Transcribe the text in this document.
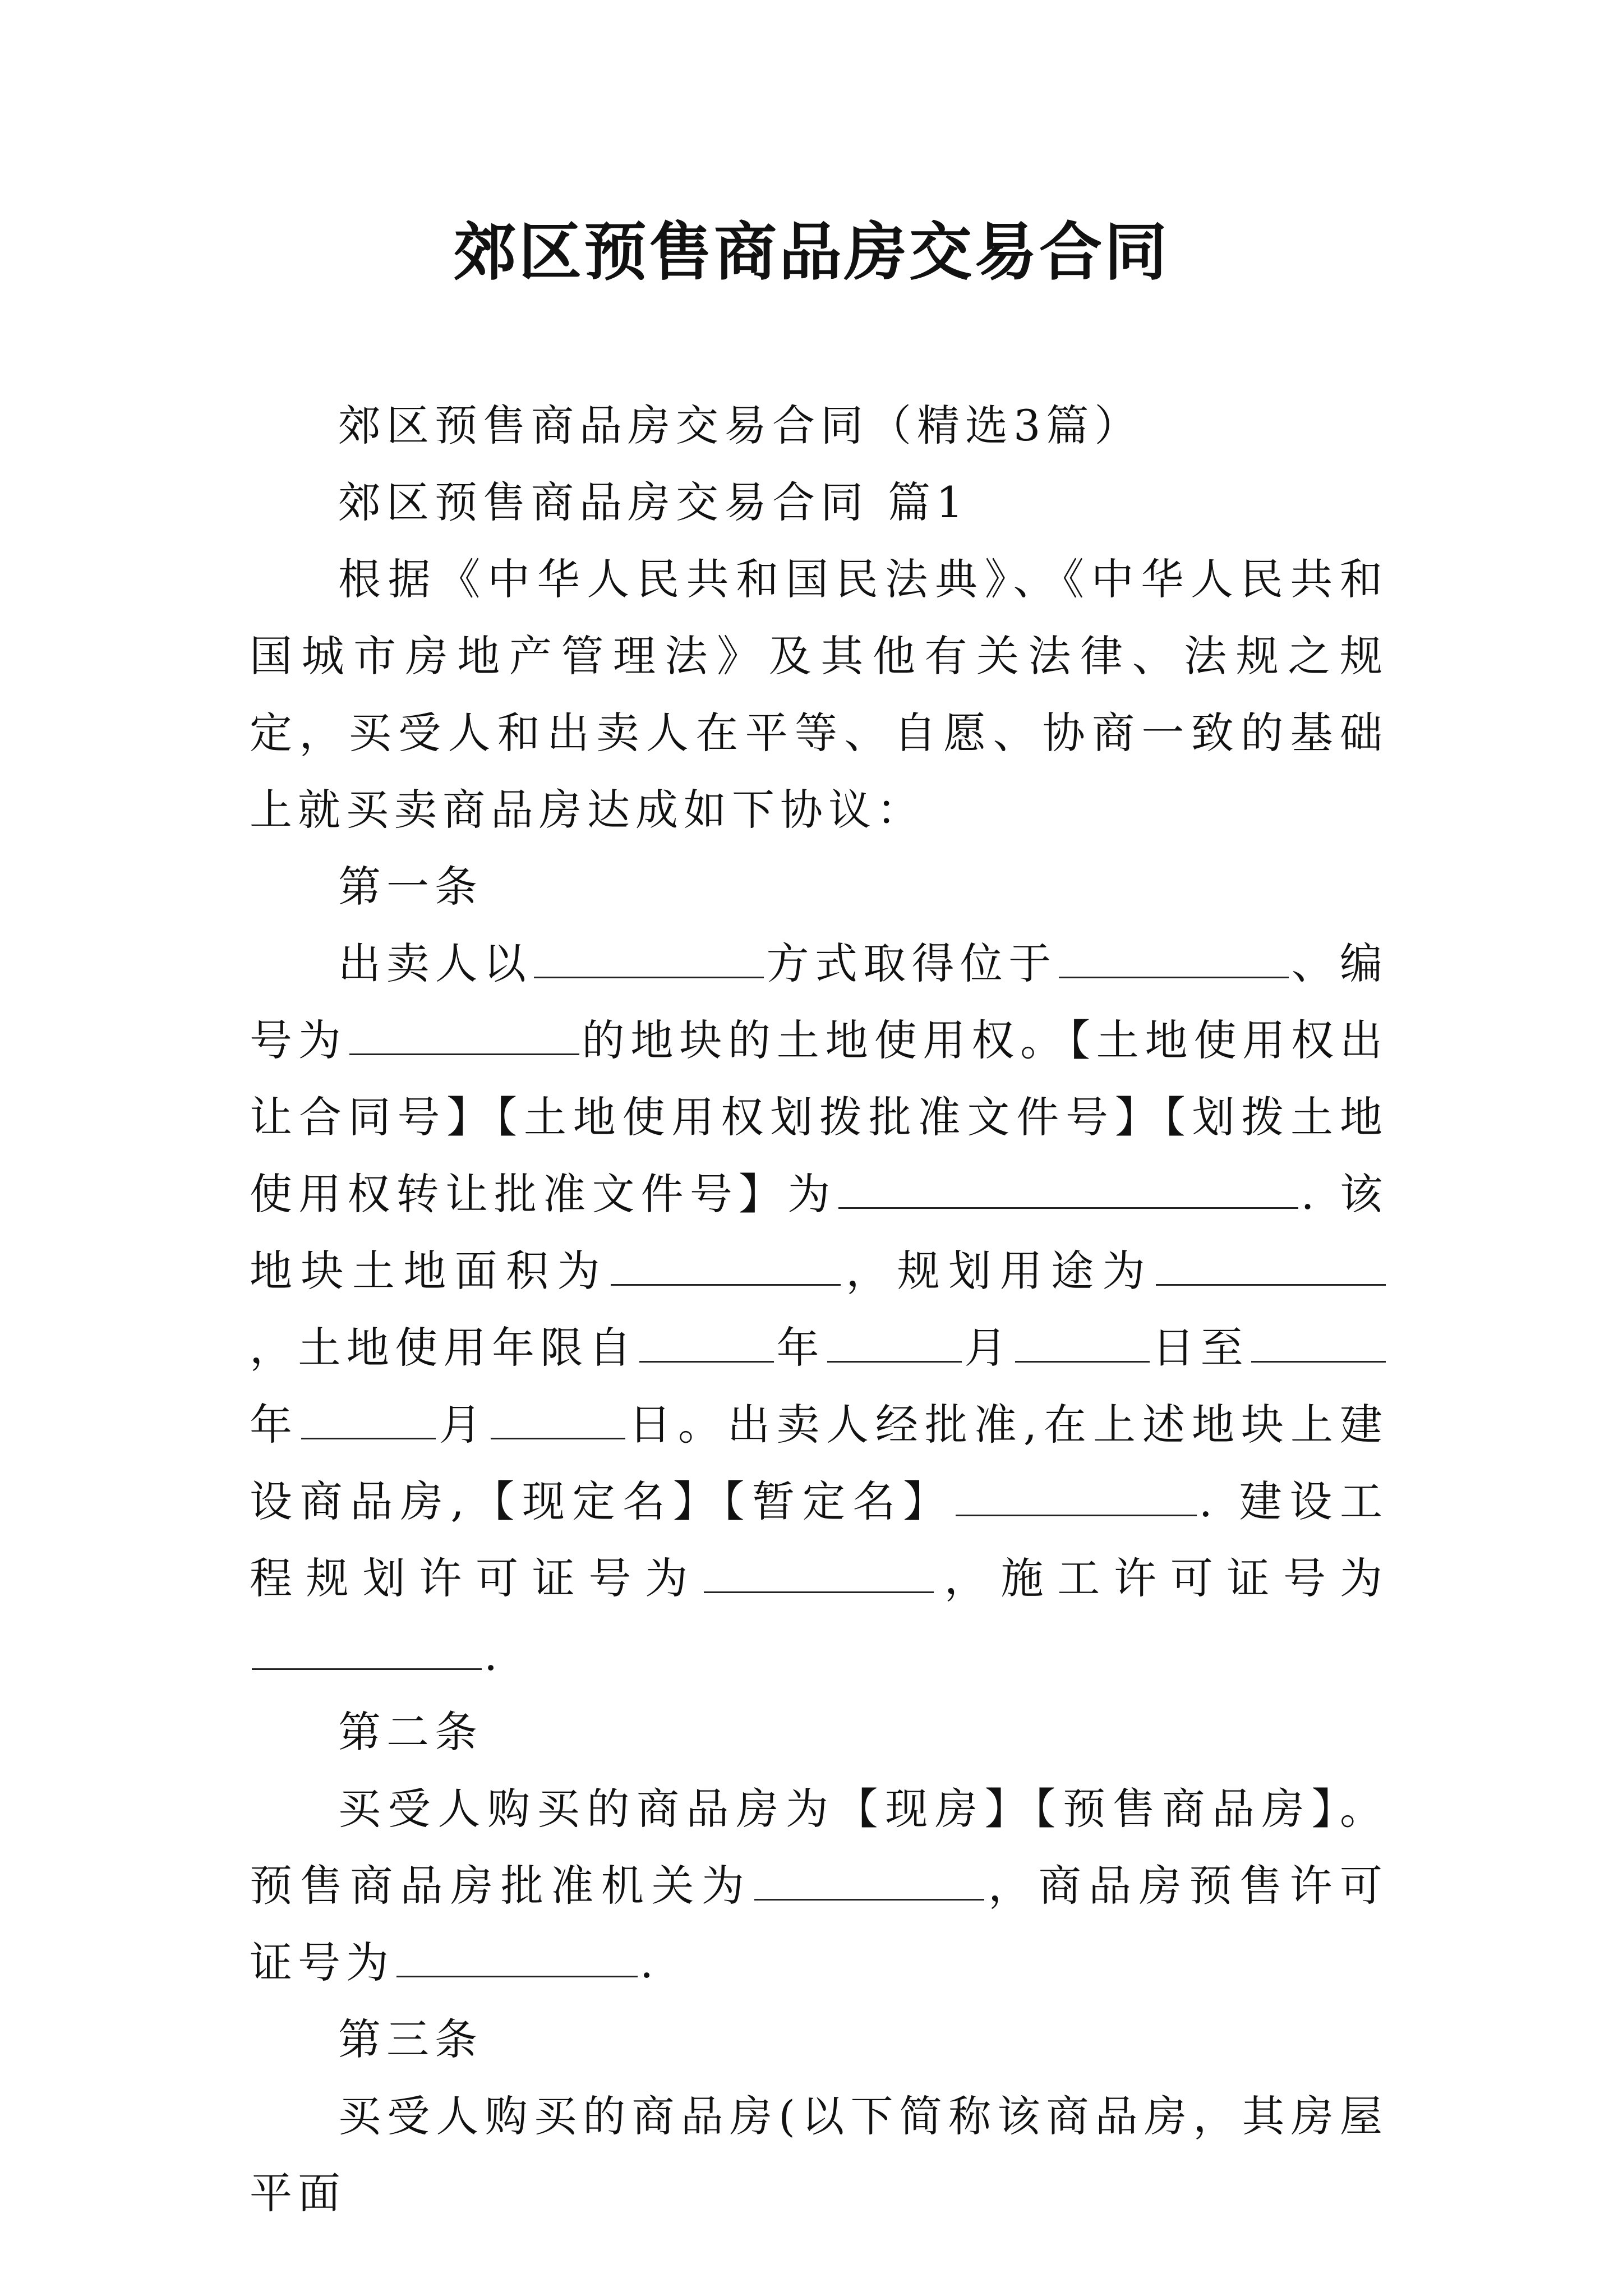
郊区预售商品房交易合同

郊区预售商品房交易合同（精选3篇）

郊区预售商品房交易合同 篇1

根据《中华人民共和国民法典》、《中华人民共和国城市房地产管理法》及其他有关法律、法规之规定，买受人和出卖人在平等、自愿、协商一致的基础上就买卖商品房达成如下协议：

第一条

出卖人以	方式取得位于	、编号为	的地块的土地使用权。【土地使用权出让合同号】【土地使用权划拨批准文件号】【划拨土地使用权转让批准文件号】为	. 该地块土地面积为	，规划用途为，土地使用年限自	年	月	日至年	月	日。出卖人经批准,在上述地块上建设商品房,【现定名】【暂定名】	. 建设工程规划许可证号为	，施工许可证号为.

第二条

买受人购买的商品房为【现房】【预售商品房】。预售商品房批准机关为	，商品房预售许可证号为	.

第三条

买受人购买的商品房(以下简称该商品房，其房屋平面
